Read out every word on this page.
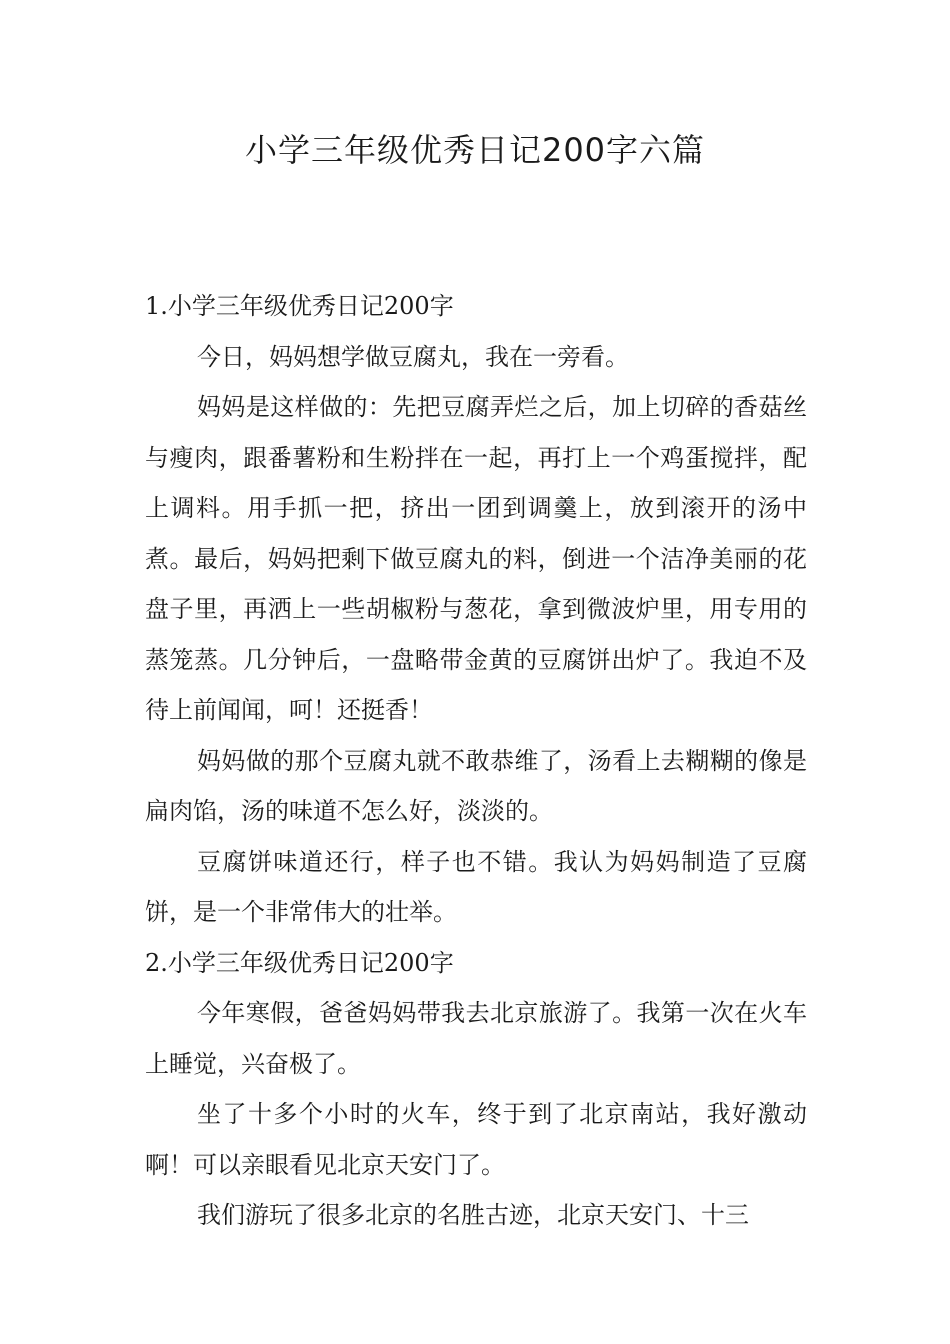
小学三年级优秀日记200字六篇

1.小学三年级优秀日记200字

今日，妈妈想学做豆腐丸，我在一旁看。

妈妈是这样做的：先把豆腐弄烂之后，加上切碎的香菇丝与瘦肉，跟番薯粉和生粉拌在一起，再打上一个鸡蛋搅拌，配上调料。用手抓一把，挤出一团到调羹上，放到滚开的汤中煮。最后，妈妈把剩下做豆腐丸的料，倒进一个洁净美丽的花盘子里，再洒上一些胡椒粉与葱花，拿到微波炉里，用专用的蒸笼蒸。几分钟后，一盘略带金黄的豆腐饼出炉了。我迫不及待上前闻闻，呵！还挺香！

妈妈做的那个豆腐丸就不敢恭维了，汤看上去糊糊的像是扁肉馅，汤的味道不怎么好，淡淡的。

豆腐饼味道还行，样子也不错。我认为妈妈制造了豆腐饼，是一个非常伟大的壮举。

2.小学三年级优秀日记200字

今年寒假，爸爸妈妈带我去北京旅游了。我第一次在火车上睡觉，兴奋极了。

坐了十多个小时的火车，终于到了北京南站，我好激动啊！可以亲眼看见北京天安门了。

我们游玩了很多北京的名胜古迹，北京天安门、十三
